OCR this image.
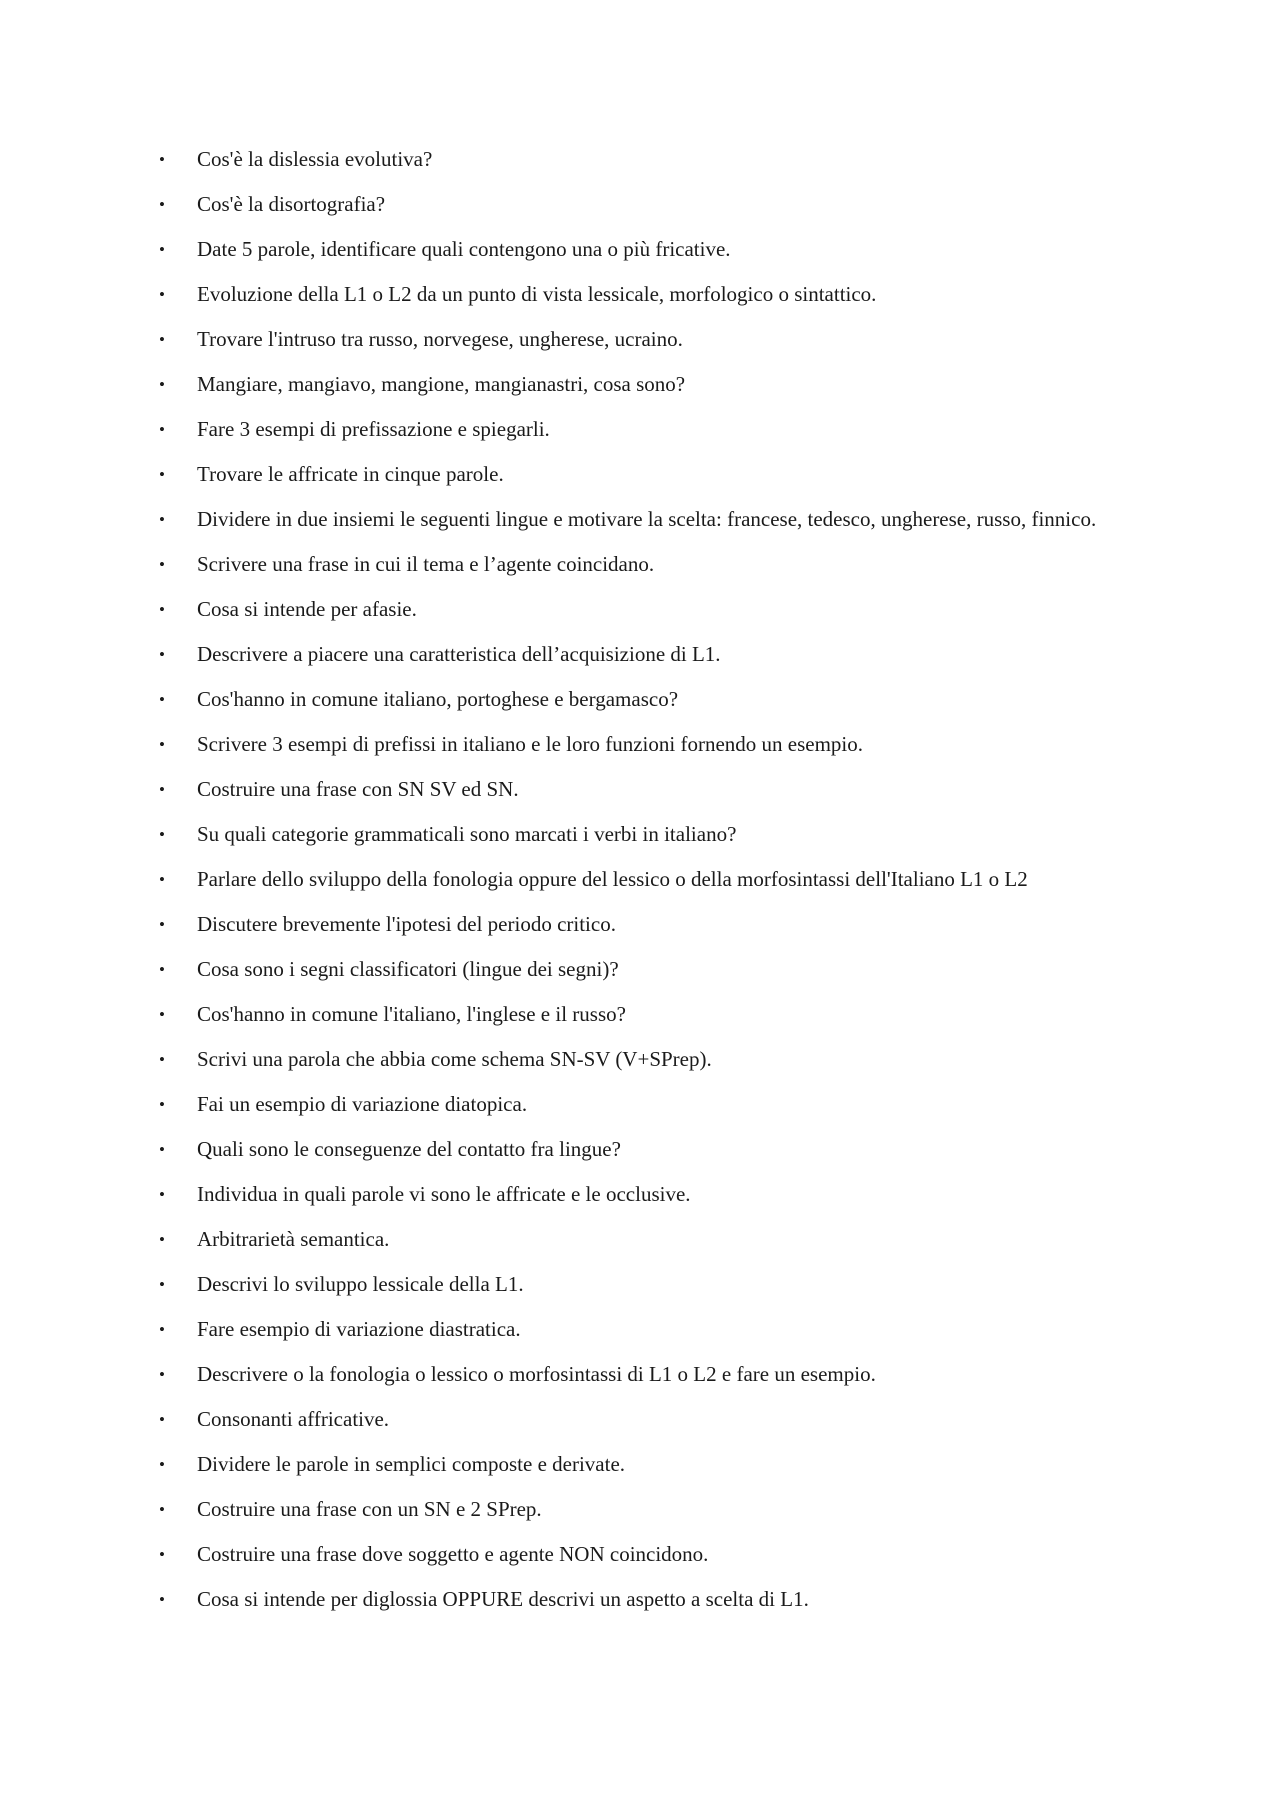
• Cos'è la dislessia evolutiva?
• Cos'è la disortografia?
• Date 5 parole, identificare quali contengono una o più fricative.
• Evoluzione della L1 o L2 da un punto di vista lessicale, morfologico o sintattico.
• Trovare l'intruso tra russo, norvegese, ungherese, ucraino.
• Mangiare, mangiavo, mangione, mangianastri, cosa sono?
• Fare 3 esempi di prefissazione e spiegarli.
• Trovare le affricate in cinque parole.
• Dividere in due insiemi le seguenti lingue e motivare la scelta: francese, tedesco, ungherese, russo, finnico.
• Scrivere una frase in cui il tema e l’agente coincidano.
• Cosa si intende per afasie.
• Descrivere a piacere una caratteristica dell’acquisizione di L1.
• Cos'hanno in comune italiano, portoghese e bergamasco?
• Scrivere 3 esempi di prefissi in italiano e le loro funzioni fornendo un esempio.
• Costruire una frase con SN SV ed SN.
• Su quali categorie grammaticali sono marcati i verbi in italiano?
• Parlare dello sviluppo della fonologia oppure del lessico o della morfosintassi dell'Italiano L1 o L2
• Discutere brevemente l'ipotesi del periodo critico.
• Cosa sono i segni classificatori (lingue dei segni)?
• Cos'hanno in comune l'italiano, l'inglese e il russo?
• Scrivi una parola che abbia come schema SN-SV (V+SPrep).
• Fai un esempio di variazione diatopica.
• Quali sono le conseguenze del contatto fra lingue?
• Individua in quali parole vi sono le affricate e le occlusive.
• Arbitrarietà semantica.
• Descrivi lo sviluppo lessicale della L1.
• Fare esempio di variazione diastratica.
• Descrivere o la fonologia o lessico o morfosintassi di L1 o L2 e fare un esempio.
• Consonanti affricative.
• Dividere le parole in semplici composte e derivate.
• Costruire una frase con un SN e 2 SPrep.
• Costruire una frase dove soggetto e agente NON coincidono.
• Cosa si intende per diglossia OPPURE descrivi un aspetto a scelta di L1.
